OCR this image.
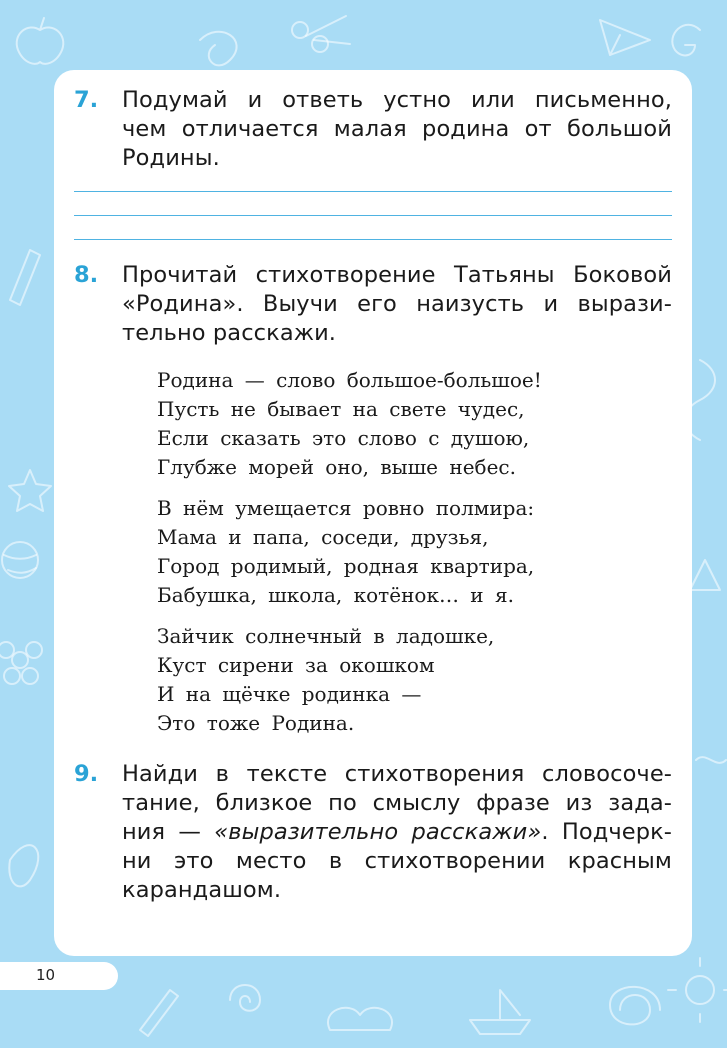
7.	Подумай и ответь устно или письменно,
чем отличается малая родина от большой
Родины.
8.	Прочитай стихотворение Татьяны Боковой
«Родина». Выучи его наизусть и вырази-
тельно расскажи.
Родина — слово большое-большое!
Пусть не бывает на свете чудес,
Если сказать это слово с душою,
Глубже морей оно, выше небес.
В нём умещается ровно полмира:
Мама и папа, соседи, друзья,
Город родимый, родная квартира,
Бабушка, школа, котёнок… и я.
Зайчик солнечный в ладошке,
Куст сирени за окошком
И на щёчке родинка —
Это тоже Родина.
9.	Найди в тексте стихотворения словосоче-
тание, близкое по смыслу фразе из зада-
ния — «выразительно расскажи». Подчерк-
ни это место в стихотворении красным
карандашом.
10
